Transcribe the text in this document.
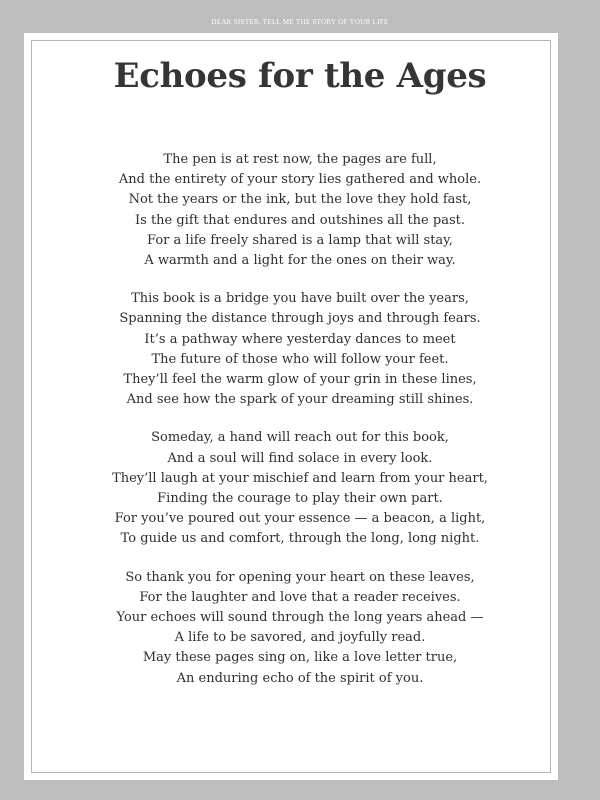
DEAR SISTER, TELL ME THE STORY OF YOUR LIFE
Echoes for the Ages
The pen is at rest now, the pages are full,
And the entirety of your story lies gathered and whole.
Not the years or the ink, but the love they hold fast,
Is the gift that endures and outshines all the past.
For a life freely shared is a lamp that will stay,
A warmth and a light for the ones on their way.
This book is a bridge you have built over the years,
Spanning the distance through joys and through fears.
It’s a pathway where yesterday dances to meet
The future of those who will follow your feet.
They’ll feel the warm glow of your grin in these lines,
And see how the spark of your dreaming still shines.
Someday, a hand will reach out for this book,
And a soul will find solace in every look.
They’ll laugh at your mischief and learn from your heart,
Finding the courage to play their own part.
For you’ve poured out your essence — a beacon, a light,
To guide us and comfort, through the long, long night.
So thank you for opening your heart on these leaves,
For the laughter and love that a reader receives.
Your echoes will sound through the long years ahead —
A life to be savored, and joyfully read.
May these pages sing on, like a love letter true,
An enduring echo of the spirit of you.
